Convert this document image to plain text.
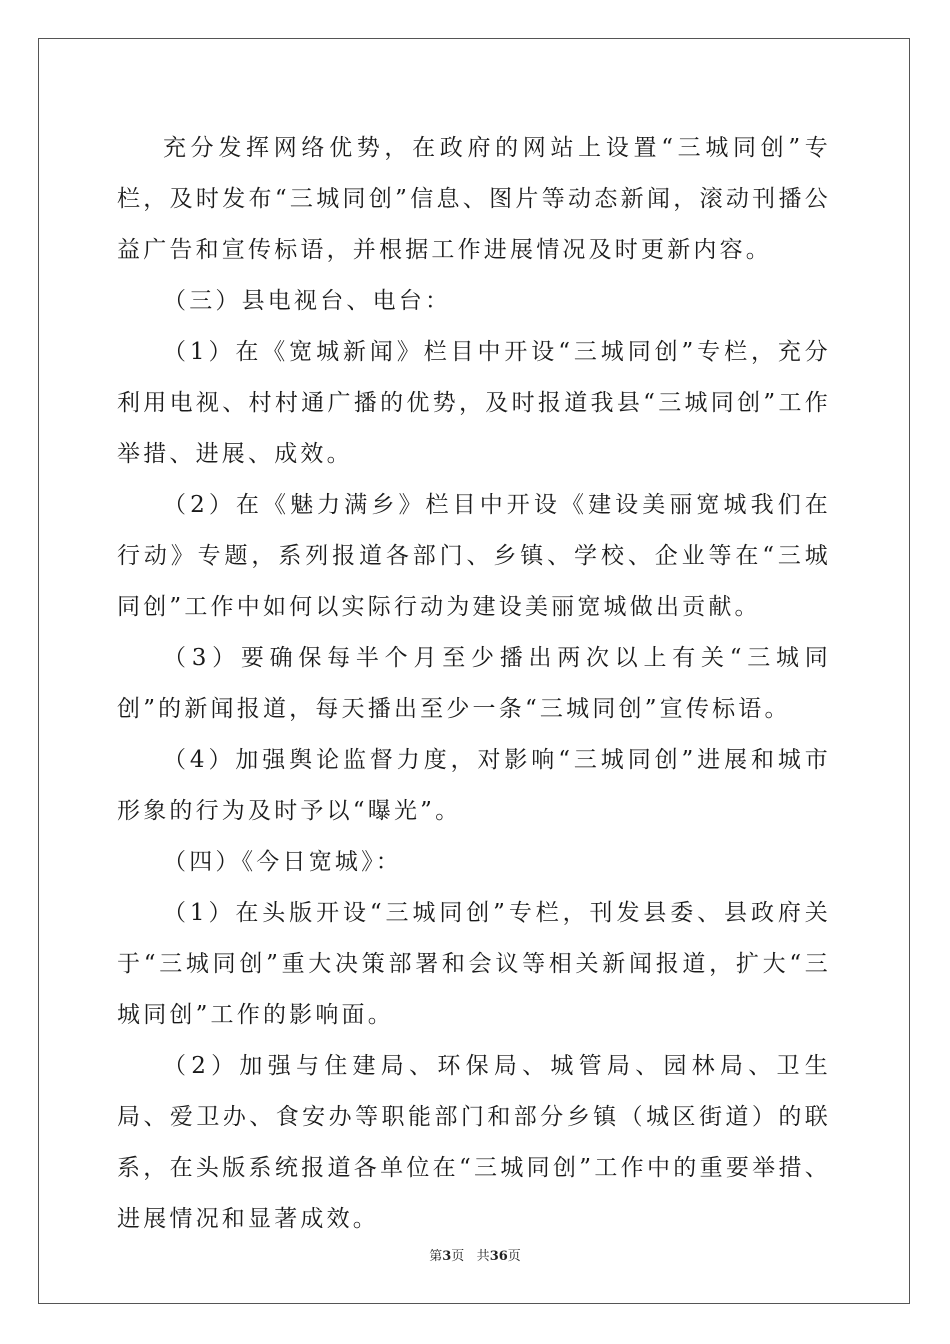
充分发挥网络优势，在政府的网站上设置“三城同创”专栏，及时发布“三城同创”信息、图片等动态新闻，滚动刊播公益广告和宣传标语，并根据工作进展情况及时更新内容。

（三）县电视台、电台：

（1）在《宽城新闻》栏目中开设“三城同创”专栏，充分利用电视、村村通广播的优势，及时报道我县“三城同创”工作举措、进展、成效。

（2）在《魅力满乡》栏目中开设《建设美丽宽城我们在行动》专题，系列报道各部门、乡镇、学校、企业等在“三城同创”工作中如何以实际行动为建设美丽宽城做出贡献。

（3）要确保每半个月至少播出两次以上有关“三城同创”的新闻报道，每天播出至少一条“三城同创”宣传标语。

（4）加强舆论监督力度，对影响“三城同创”进展和城市形象的行为及时予以“曝光”。

（四）《今日宽城》：

（1）在头版开设“三城同创”专栏，刊发县委、县政府关于“三城同创”重大决策部署和会议等相关新闻报道，扩大“三城同创”工作的影响面。

（2）加强与住建局、环保局、城管局、园林局、卫生局、爱卫办、食安办等职能部门和部分乡镇（城区街道）的联系，在头版系统报道各单位在“三城同创”工作中的重要举措、进展情况和显著成效。

第3页 共36页
